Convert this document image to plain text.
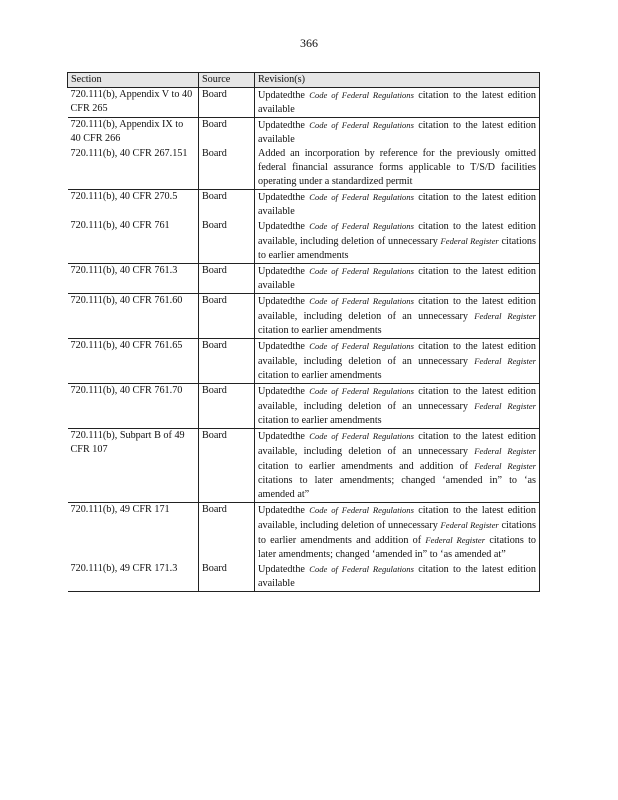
366
Section	Source	Revision(s)
720.111(b), Appendix V to 40 CFR 265	Board	Updatedthe Code of Federal Regulations citation to the latest edition available
720.111(b), Appendix IX to 40 CFR 266	Board	Updatedthe Code of Federal Regulations citation to the latest edition available
720.111(b), 40 CFR 267.151	Board	Added an incorporation by reference for the previously omitted federal financial assurance forms applicable to T/S/D facilities operating under a standardized permit
720.111(b), 40 CFR 270.5	Board	Updatedthe Code of Federal Regulations citation to the latest edition available
720.111(b), 40 CFR 761	Board	Updatedthe Code of Federal Regulations citation to the latest edition available, including deletion of unnecessary Federal Register citations to earlier amendments
720.111(b), 40 CFR 761.3	Board	Updatedthe Code of Federal Regulations citation to the latest edition available
720.111(b), 40 CFR 761.60	Board	Updatedthe Code of Federal Regulations citation to the latest edition available, including deletion of an unnecessary Federal Register citation to earlier amendments
720.111(b), 40 CFR 761.65	Board	Updatedthe Code of Federal Regulations citation to the latest edition available, including deletion of an unnecessary Federal Register citation to earlier amendments
720.111(b), 40 CFR 761.70	Board	Updatedthe Code of Federal Regulations citation to the latest edition available, including deletion of an unnecessary Federal Register citation to earlier amendments
720.111(b), Subpart B of 49 CFR 107	Board	Updatedthe Code of Federal Regulations citation to the latest edition available, including deletion of an unnecessary Federal Register citation to earlier amendments and addition of Federal Register citations to later amendments; changed ‘amended in” to ‘as amended at”
720.111(b), 49 CFR 171	Board	Updatedthe Code of Federal Regulations citation to the latest edition available, including deletion of unnecessary Federal Register citations to earlier amendments and addition of Federal Register citations to later amendments; changed ‘amended in” to ‘as amended at”
720.111(b), 49 CFR 171.3	Board	Updatedthe Code of Federal Regulations citation to the latest edition available
